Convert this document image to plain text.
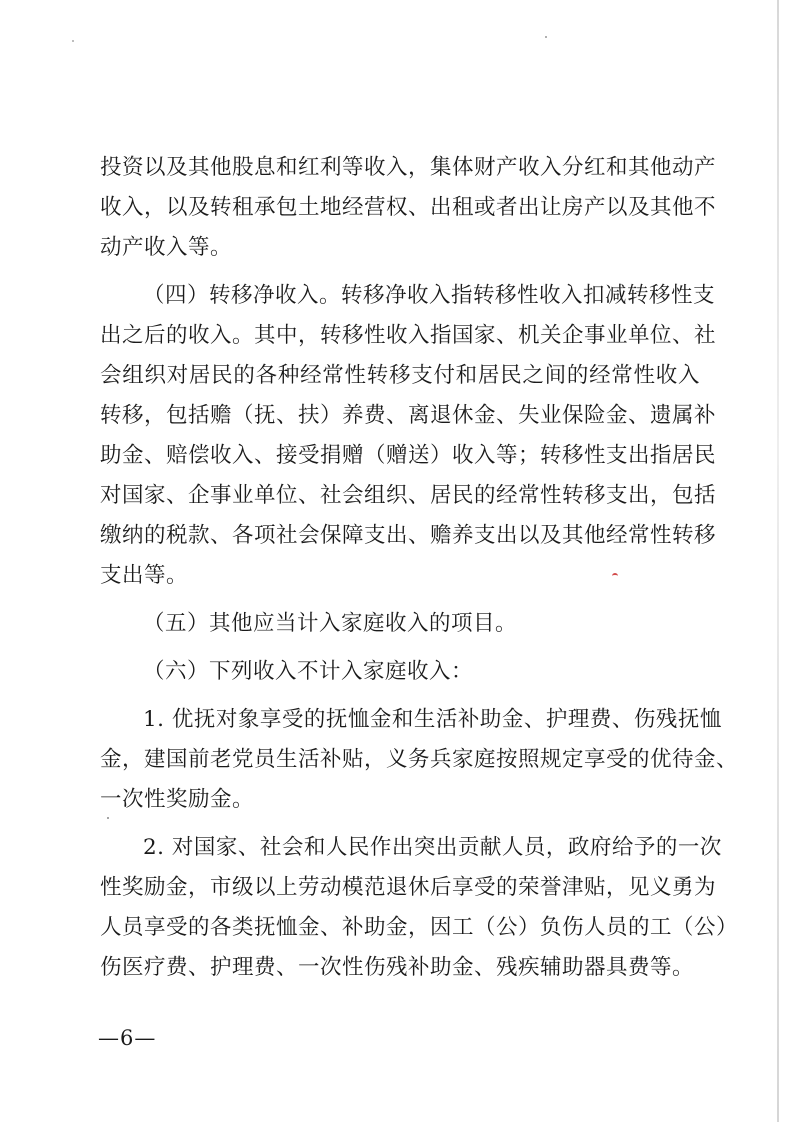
投资以及其他股息和红利等收入，集体财产收入分红和其他动产
收入，以及转租承包土地经营权、出租或者出让房产以及其他不
动产收入等。
（四）转移净收入。转移净收入指转移性收入扣减转移性支
出之后的收入。其中，转移性收入指国家、机关企事业单位、社
会组织对居民的各种经常性转移支付和居民之间的经常性收入
转移，包括赡（抚、扶）养费、离退休金、失业保险金、遗属补
助金、赔偿收入、接受捐赠（赠送）收入等；转移性支出指居民
对国家、企事业单位、社会组织、居民的经常性转移支出，包括
缴纳的税款、各项社会保障支出、赡养支出以及其他经常性转移
支出等。
（五）其他应当计入家庭收入的项目。
（六）下列收入不计入家庭收入：
1. 优抚对象享受的抚恤金和生活补助金、护理费、伤残抚恤
金，建国前老党员生活补贴，义务兵家庭按照规定享受的优待金、
一次性奖励金。
2. 对国家、社会和人民作出突出贡献人员，政府给予的一次
性奖励金，市级以上劳动模范退休后享受的荣誉津贴，见义勇为
人员享受的各类抚恤金、补助金，因工（公）负伤人员的工（公）
伤医疗费、护理费、一次性伤残补助金、残疾辅助器具费等。
—6—
